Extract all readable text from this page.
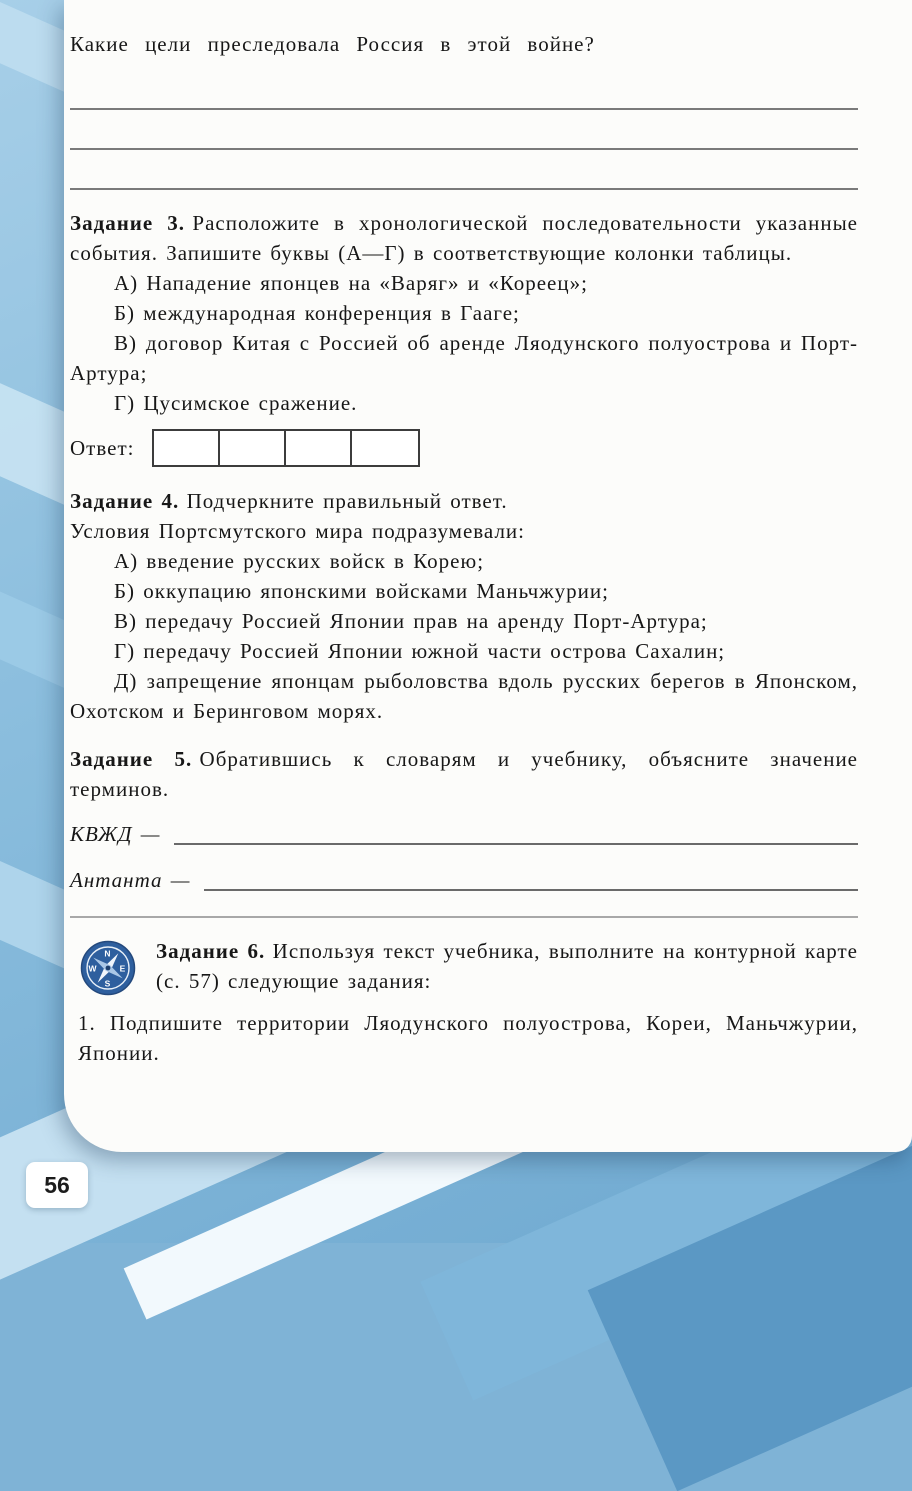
Какие цели преследовала Россия в этой войне?

Задание 3. Расположите в хронологической последовательности указанные события. Запишите буквы (А—Г) в соответствующие колонки таблицы.

А) Нападение японцев на «Варяг» и «Кореец»;
Б) международная конференция в Гааге;
В) договор Китая с Россией об аренде Ляодунского полуострова и Порт-Артура;
Г) Цусимское сражение.
Ответ:

Задание 4. Подчеркните правильный ответ.

Условия Портсмутского мира подразумевали:

А) введение русских войск в Корею;
Б) оккупацию японскими войсками Маньчжурии;
В) передачу Россией Японии прав на аренду Порт-Артура;
Г) передачу Россией Японии южной части острова Сахалин;
Д) запрещение японцам рыболовства вдоль русских берегов в Японском, Охотском и Беринговом морях.

Задание 5. Обратившись к словарям и учебнику, объясните значение терминов.

КВЖД —
Антанта —
N
E
S
W

Задание 6. Используя текст учебника, выполните на контурной карте (с. 57) следующие задания:

1. Подпишите территории Ляодунского полуострова, Кореи, Маньчжурии, Японии.

56
